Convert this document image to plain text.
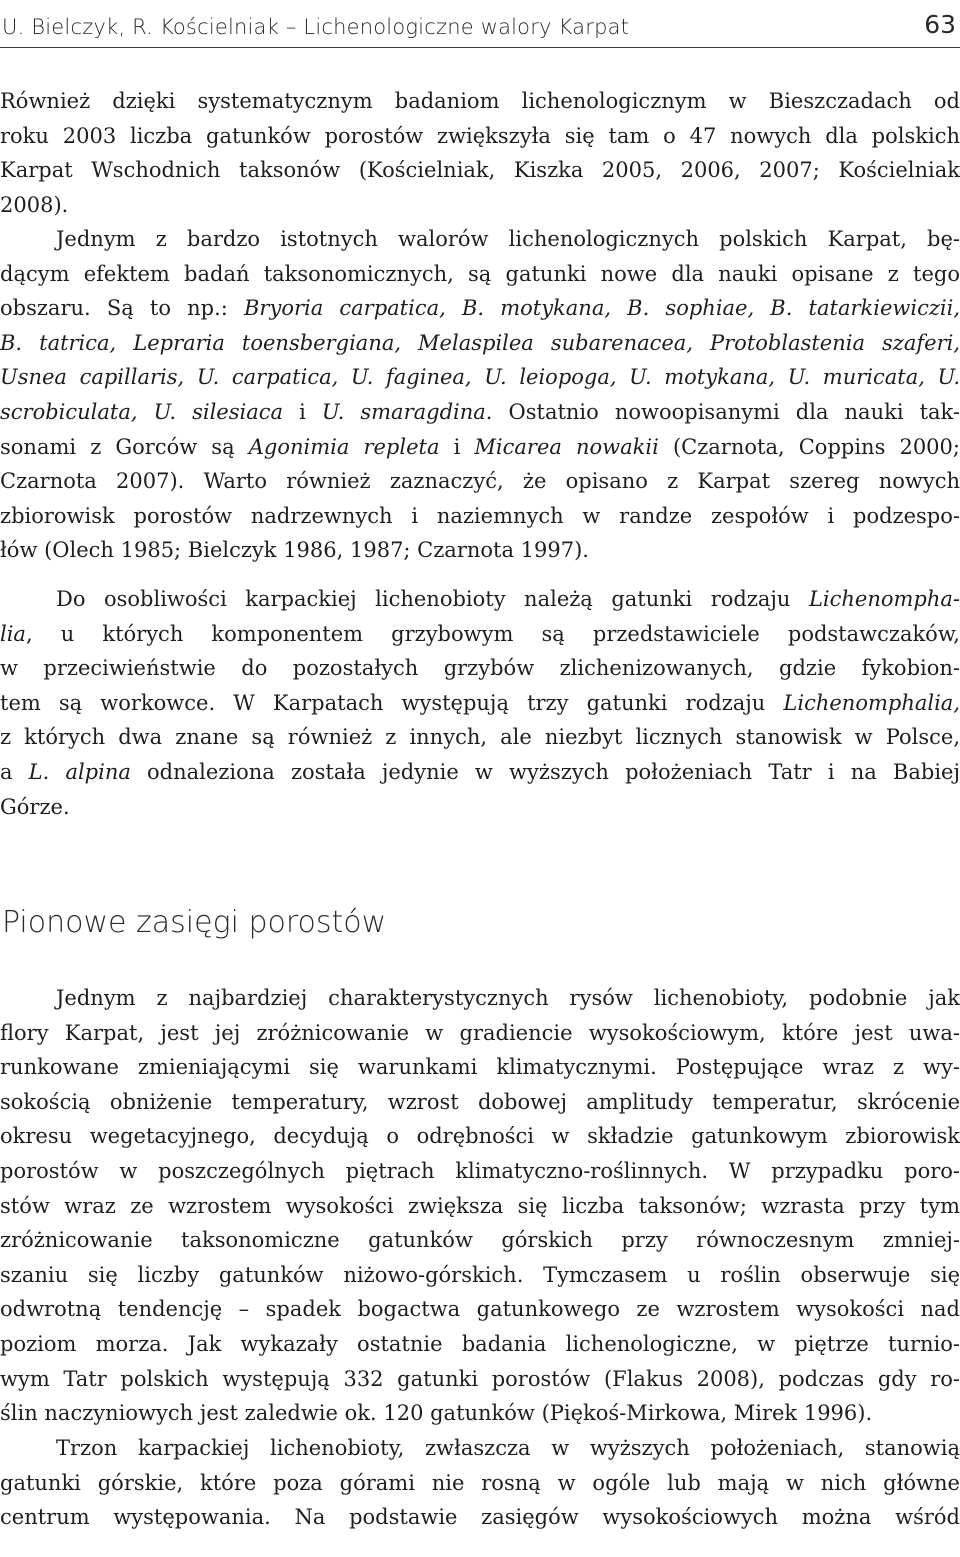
U. Bielczyk, R. Kościelniak – Lichenologiczne walory Karpat	63
Również dzięki systematycznym badaniom lichenologicznym w Bieszczadach od
roku 2003 liczba gatunków porostów zwiększyła się tam o 47 nowych dla polskich
Karpat Wschodnich taksonów (Kościelniak, Kiszka 2005, 2006, 2007; Kościelniak
2008).
Jednym z bardzo istotnych walorów lichenologicznych polskich Karpat, bę-
dącym efektem badań taksonomicznych, są gatunki nowe dla nauki opisane z tego
obszaru. Są to np.: Bryoria carpatica, B. motykana, B. sophiae, B. tatarkiewiczii,
B. tatrica, Lepraria toensbergiana, Melaspilea subarenacea, Protoblastenia szaferi,
Usnea capillaris, U. carpatica, U. faginea, U. leiopoga, U. motykana, U. muricata, U.
scrobiculata, U. silesiaca i U. smaragdina. Ostatnio nowoopisanymi dla nauki tak-
sonami z Gorców są Agonimia repleta i Micarea nowakii (Czarnota, Coppins 2000;
Czarnota 2007). Warto również zaznaczyć, że opisano z Karpat szereg nowych
zbiorowisk porostów nadrzewnych i naziemnych w randze zespołów i podzespo-
łów (Olech 1985; Bielczyk 1986, 1987; Czarnota 1997).
Do osobliwości karpackiej lichenobioty należą gatunki rodzaju Lichenompha-
lia, u których komponentem grzybowym są przedstawiciele podstawczaków,
w przeciwieństwie do pozostałych grzybów zlichenizowanych, gdzie fykobion-
tem są workowce. W Karpatach występują trzy gatunki rodzaju Lichenomphalia,
z których dwa znane są również z innych, ale niezbyt licznych stanowisk w Polsce,
a L. alpina odnaleziona została jedynie w wyższych położeniach Tatr i na Babiej
Górze.
Pionowe zasięgi porostów
Jednym z najbardziej charakterystycznych rysów lichenobioty, podobnie jak
flory Karpat, jest jej zróżnicowanie w gradiencie wysokościowym, które jest uwa-
runkowane zmieniającymi się warunkami klimatycznymi. Postępujące wraz z wy-
sokością obniżenie temperatury, wzrost dobowej amplitudy temperatur, skrócenie
okresu wegetacyjnego, decydują o odrębności w składzie gatunkowym zbiorowisk
porostów w poszczególnych piętrach klimatyczno-roślinnych. W przypadku poro-
stów wraz ze wzrostem wysokości zwiększa się liczba taksonów; wzrasta przy tym
zróżnicowanie taksonomiczne gatunków górskich przy równoczesnym zmniej-
szaniu się liczby gatunków niżowo-górskich. Tymczasem u roślin obserwuje się
odwrotną tendencję – spadek bogactwa gatunkowego ze wzrostem wysokości nad
poziom morza. Jak wykazały ostatnie badania lichenologiczne, w piętrze turnio-
wym Tatr polskich występują 332 gatunki porostów (Flakus 2008), podczas gdy ro-
ślin naczyniowych jest zaledwie ok. 120 gatunków (Piękoś-Mirkowa, Mirek 1996).
Trzon karpackiej lichenobioty, zwłaszcza w wyższych położeniach, stanowią
gatunki górskie, które poza górami nie rosną w ogóle lub mają w nich główne
centrum występowania. Na podstawie zasięgów wysokościowych można wśród
